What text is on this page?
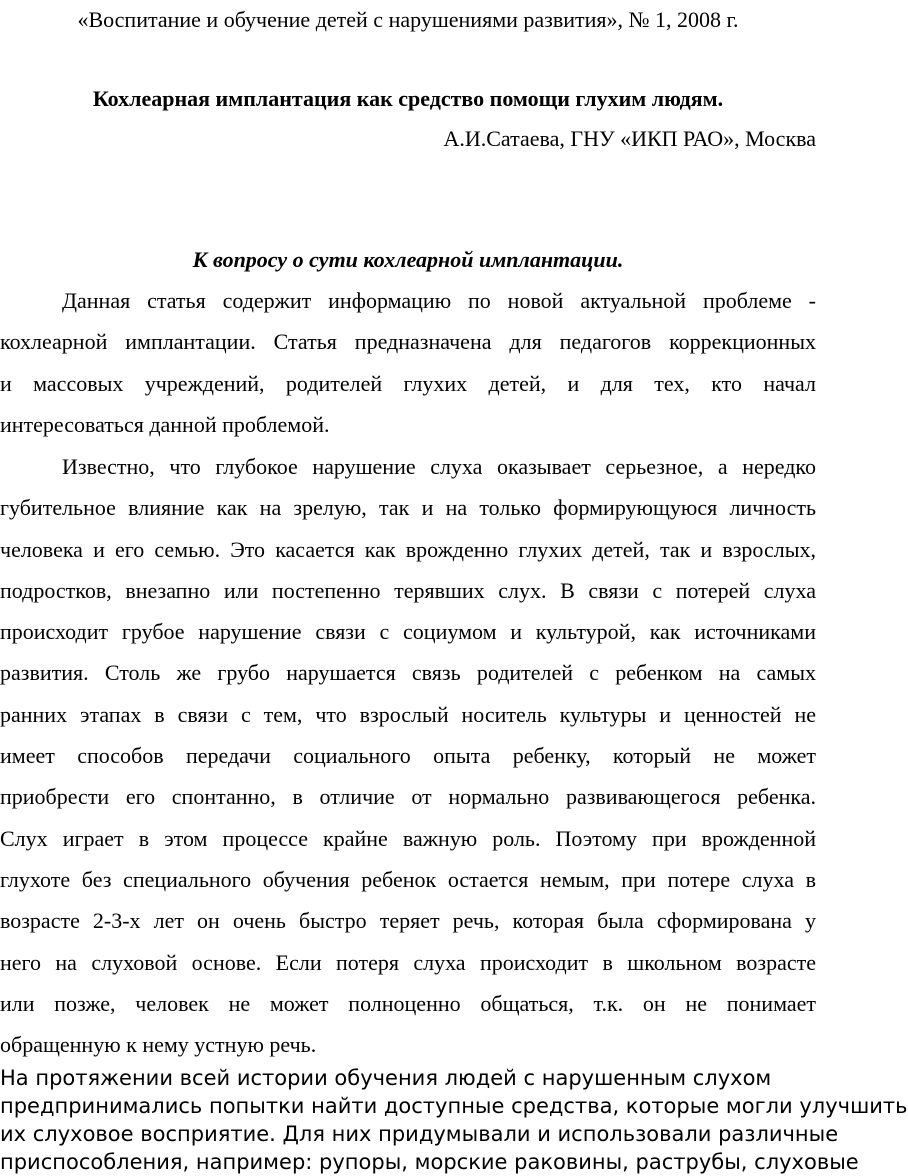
«Воспитание и обучение детей с нарушениями развития», № 1, 2008 г.
Кохлеарная имплантация как средство помощи глухим людям.
А.И.Сатаева, ГНУ «ИКП РАО», Москва
К вопросу о сути кохлеарной имплантации.
Данная статья содержит информацию по новой актуальной проблеме -
кохлеарной имплантации. Статья предназначена для педагогов коррекционных
и массовых учреждений, родителей глухих детей, и для тех, кто начал
интересоваться данной проблемой.
Известно, что глубокое нарушение слуха оказывает серьезное, а нередко
губительное влияние как на зрелую, так и на только формирующуюся личность
человека и его семью. Это касается как врожденно глухих детей, так и взрослых,
подростков, внезапно или постепенно терявших слух. В связи с потерей слуха
происходит грубое нарушение связи с социумом и культурой, как источниками
развития. Столь же грубо нарушается связь родителей с ребенком на самых
ранних этапах в связи с тем, что взрослый носитель культуры и ценностей не
имеет способов передачи социального опыта ребенку, который не может
приобрести его спонтанно, в отличие от нормально развивающегося ребенка.
Слух играет в этом процессе крайне важную роль. Поэтому при врожденной
глухоте без специального обучения ребенок остается немым, при потере слуха в
возрасте 2-3-х лет он очень быстро теряет речь, которая была сформирована у
него на слуховой основе. Если потеря слуха происходит в школьном возрасте
или позже, человек не может полноценно общаться, т.к. он не понимает
обращенную к нему устную речь.
На протяжении всей истории обучения людей с нарушенным слухом
предпринимались попытки найти доступные средства, которые могли улучшить
их слуховое восприятие. Для них придумывали и использовали различные
приспособления, например: рупоры, морские раковины, раструбы, слуховые
